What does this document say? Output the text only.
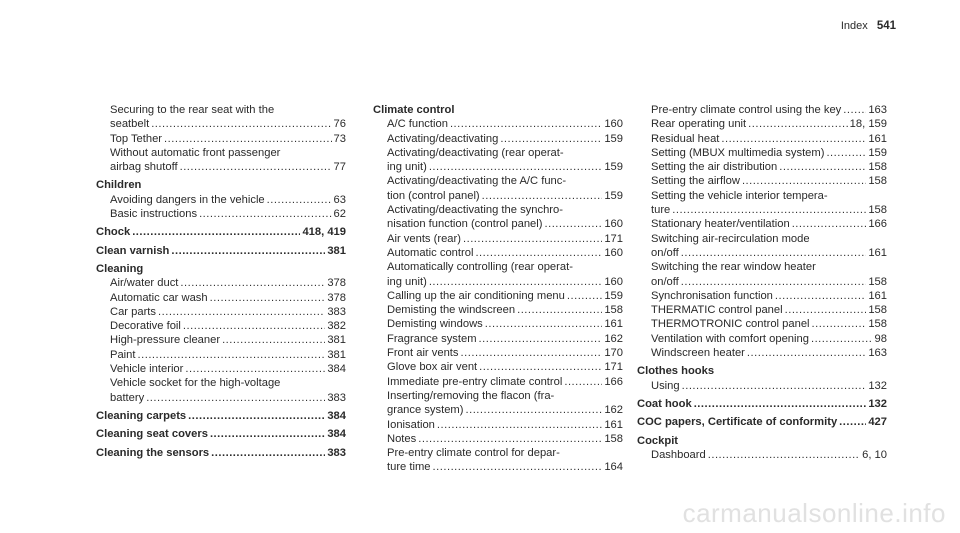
Index 541
Securing to the rear seat with the
seatbelt .....	76
Top Tether .....	73
Without automatic front passenger
airbag shutoff .....	77
Children
Avoiding dangers in the vehicle .....	63
Basic instructions .....	62
Chock .....	418, 419
Clean varnish .....	381
Cleaning
Air/water duct .....	378
Automatic car wash .....	378
Car parts .....	383
Decorative foil .....	382
High-pressure cleaner .....	381
Paint .....	381
Vehicle interior .....	384
Vehicle socket for the high-voltage
battery .....	383
Cleaning carpets .....	384
Cleaning seat covers .....	384
Cleaning the sensors .....	383
Climate control
A/C function .....	160
Activating/deactivating .....	159
Activating/deactivating (rear operat-
ing unit) .....	159
Activating/deactivating the A/C func-
tion (control panel) .....	159
Activating/deactivating the synchro-
nisation function (control panel) .....	160
Air vents (rear) .....	171
Automatic control .....	160
Automatically controlling (rear operat-
ing unit) .....	160
Calling up the air conditioning menu .....	159
Demisting the windscreen .....	158
Demisting windows .....	161
Fragrance system .....	162
Front air vents .....	170
Glove box air vent .....	171
Immediate pre-entry climate control .....	166
Inserting/removing the flacon (fra-
grance system) .....	162
Ionisation .....	161
Notes .....	158
Pre-entry climate control for depar-
ture time .....	164
Pre-entry climate control using the key ..... 163
Rear operating unit .....	18, 159
Residual heat .....	161
Setting (MBUX multimedia system) .....	159
Setting the air distribution .....	158
Setting the airflow .....	158
Setting the vehicle interior tempera-
ture .....	158
Stationary heater/ventilation .....	166
Switching air-recirculation mode
on/off .....	161
Switching the rear window heater
on/off .....	158
Synchronisation function .....	161
THERMATIC control panel .....	158
THERMOTRONIC control panel .....	158
Ventilation with comfort opening .....	98
Windscreen heater .....	163
Clothes hooks
Using .....	132
Coat hook .....	132
COC papers, Certificate of conformity .....	427
Cockpit
Dashboard .....	6, 10
carmanualsonline.info
